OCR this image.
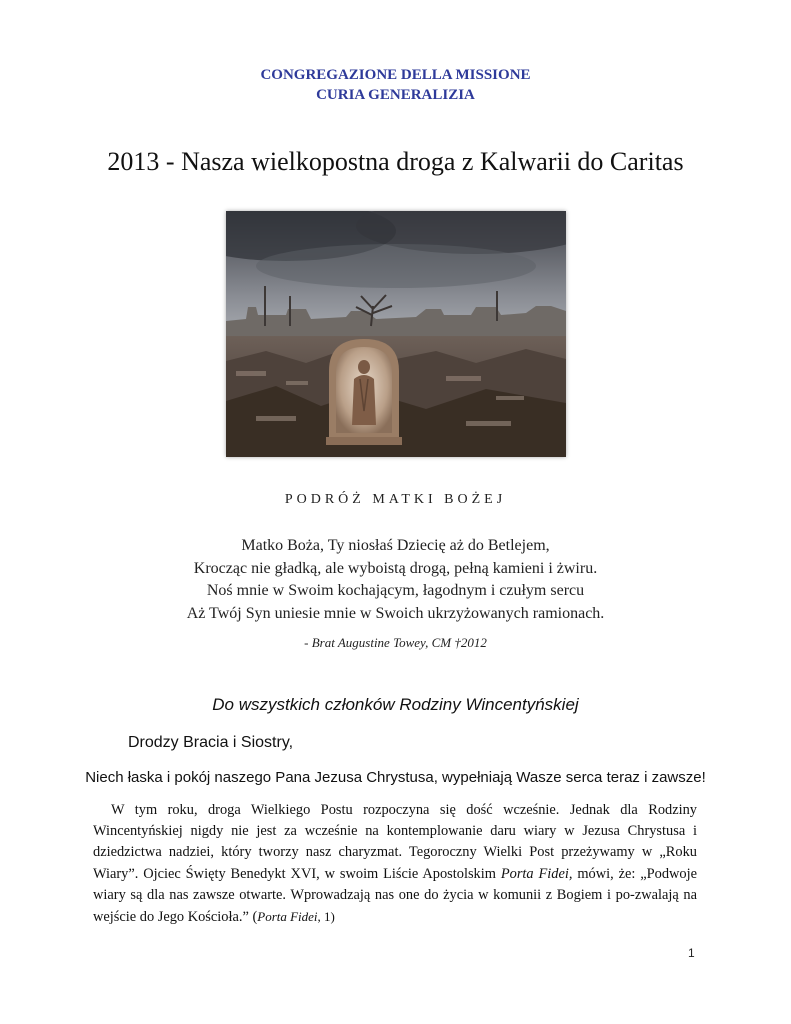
CONGREGAZIONE DELLA MISSIONE
CURIA GENERALIZIA
2013 - Nasza wielkopostna droga z Kalwarii do Caritas
PODRÓŻ MATKI BOŻEJ
Matko Boża, Ty niosłaś Dziecię aż do Betlejem,
Krocząc nie gładką, ale wyboistą drogą, pełną kamieni i żwiru.
Noś mnie w Swoim kochającym, łagodnym i czułym sercu
Aż Twój Syn uniesie mnie w Swoich ukrzyżowanych ramionach.
- Brat Augustine Towey, CM †2012
Do wszystkich członków Rodziny Wincentyńskiej
Drodzy Bracia i Siostry,
Niech łaska i pokój naszego Pana Jezusa Chrystusa, wypełniają Wasze serca teraz i zawsze!
W tym roku, droga Wielkiego Postu rozpoczyna się dość wcześnie. Jednak dla Rodziny Wincentyńskiej nigdy nie jest za wcześnie na kontemplowanie daru wiary w Jezusa Chrystusa i dziedzictwa nadziei, który tworzy nasz charyzmat. Tegoroczny Wielki Post przeżywamy w „Roku Wiary”. Ojciec Święty Benedykt XVI, w swoim Liście Apostolskim Porta Fidei, mówi, że: „Podwoje wiary są dla nas zawsze otwarte. Wprowadzają nas one do życia w komunii z Bogiem i po-zwalają na wejście do Jego Kościoła.” (Porta Fidei, 1)
1
